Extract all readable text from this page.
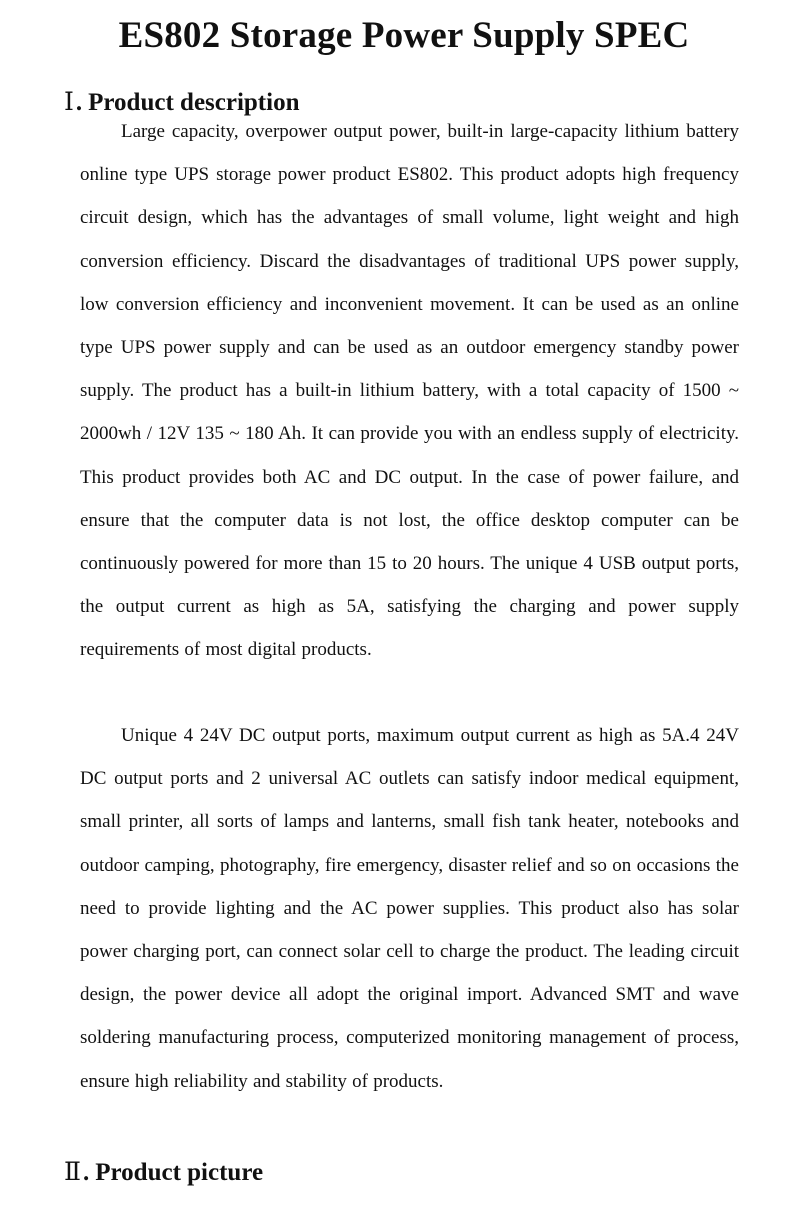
ES802 Storage Power Supply SPEC
Ⅰ. Product description

Large capacity, overpower output power, built-in large-capacity lithium battery online type UPS storage power product ES802. This product adopts high frequency circuit design, which has the advantages of small volume, light weight and high conversion efficiency. Discard the disadvantages of traditional UPS power supply, low conversion efficiency and inconvenient movement. It can be used as an online type UPS power supply and can be used as an outdoor emergency standby power supply. The product has a built-in lithium battery, with a total capacity of 1500 ~ 2000wh / 12V 135 ~ 180 Ah. It can provide you with an endless supply of electricity. This product provides both AC and DC output. In the case of power failure, and ensure that the computer data is not lost, the office desktop computer can be continuously powered for more than 15 to 20 hours. The unique 4 USB output ports, the output current as high as 5A, satisfying the charging and power supply requirements of most digital products.

Unique 4 24V DC output ports, maximum output current as high as 5A.4 24V DC output ports and 2 universal AC outlets can satisfy indoor medical equipment, small printer, all sorts of lamps and lanterns, small fish tank heater, notebooks and outdoor camping, photography, fire emergency, disaster relief and so on occasions the need to provide lighting and the AC power supplies. This product also has solar power charging port, can connect solar cell to charge the product. The leading circuit design, the power device all adopt the original import. Advanced SMT and wave soldering manufacturing process, computerized monitoring management of process, ensure high reliability and stability of products.

Ⅱ. Product picture
